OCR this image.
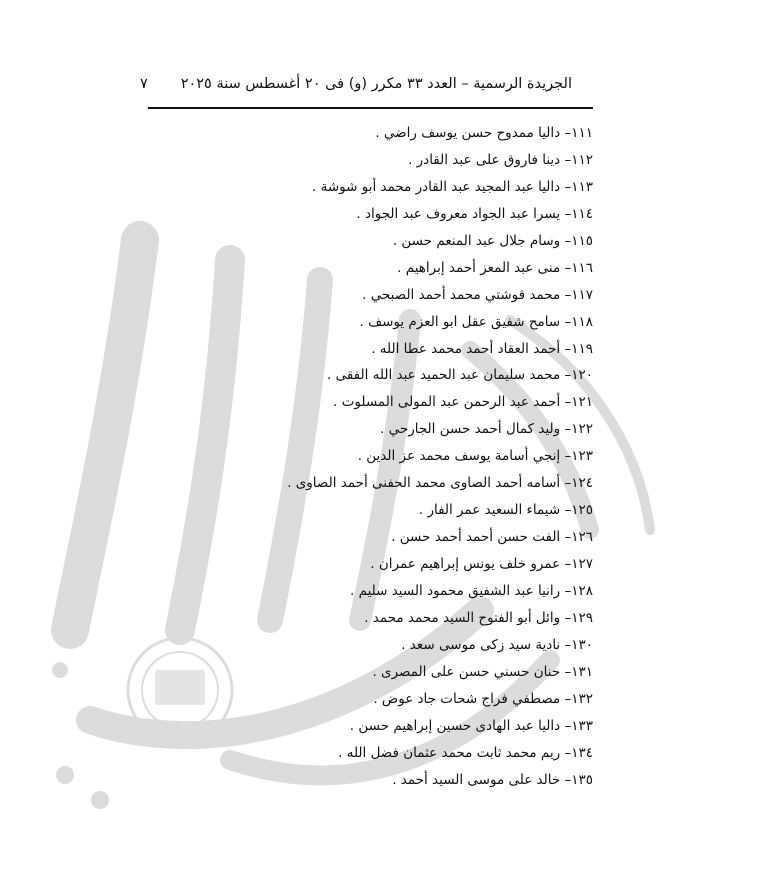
الجريدة الرسمية – العدد ٣٣ مكرر (و) فى ٢٠ أغسطس سنة ٢٠٢٥
٧
١١١– داليا ممدوح حسن يوسف راضي .
١١٢– دينا فاروق على عبد القادر .
١١٣– داليا عبد المجيد عبد القادر محمد أبو شوشة .
١١٤– يسرا عبد الجواد معروف عبد الجواد .
١١٥– وسام جلال عبد المنعم حسن .
١١٦– منى عبد المعز أحمد إبراهيم .
١١٧– محمد قوشتي محمد أحمد الصبحي .
١١٨– سامح شفيق عقل ابو العزم يوسف .
١١٩– أحمد العقاد أحمد محمد عطا الله .
١٢٠– محمد سليمان عبد الحميد عبد الله الفقى .
١٢١– أحمد عبد الرحمن عبد المولى المسلوت .
١٢٢– وليد كمال أحمد حسن الجارحي .
١٢٣– إنجي أسامة يوسف محمد عز الدين .
١٢٤– أسامه أحمد الصاوى محمد الحفنى أحمد الصاوى .
١٢٥– شيماء السعيد عمر الفار .
١٢٦– الفت حسن أحمد أحمد حسن .
١٢٧– عمرو خلف يونس إبراهيم عمران .
١٢٨– رانيا عبد الشفيق محمود السيد سليم .
١٢٩– وائل أبو الفتوح السيد محمد محمد .
١٣٠– نادية سيد زكى موسى سعد .
١٣١– حنان حسني حسن على المصرى .
١٣٢– مصطفي فراج شحات جاد عوض .
١٣٣– داليا عبد الهادى حسين إبراهيم حسن .
١٣٤– ريم محمد ثابت محمد عثمان فضل الله .
١٣٥– خالد على موسى السيد أحمد .
